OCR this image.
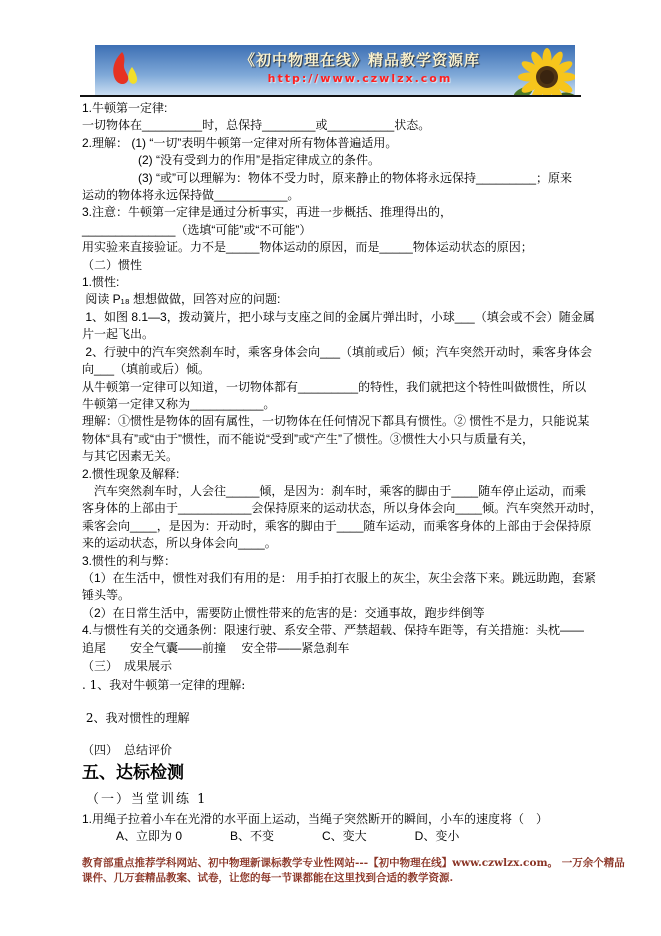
《初中物理在线》精品教学资源库
http://www.czwlzx.com

1.牛顿第一定律:

一切物体在_________时，总保持________或__________状态。

2.理解： (1) “一切”表明牛顿第一定律对所有物体普遍适用。

(2) “没有受到力的作用”是指定律成立的条件。

(3) “或”可以理解为：物体不受力时，原来静止的物体将永远保持_________；原来

运动的物体将永远保持做___________。

3.注意：牛顿第一定律是通过分析事实，再进一步概括、推理得出的，

______________（选填“可能”或“不可能”）

用实验来直接验证。力不是_____物体运动的原因，而是_____物体运动状态的原因；

（二）惯性

1.惯性:

阅读 P₁₈ 想想做做，回答对应的问题:

1、如图 8.1—3，拨动簧片，把小球与支座之间的金属片弹出时，小球___（填会或不会）随金属

片一起飞出。

2、行驶中的汽车突然刹车时，乘客身体会向___（填前或后）倾；汽车突然开动时，乘客身体会

向___（填前或后）倾。

从牛顿第一定律可以知道，一切物体都有_________的特性，我们就把这个特性叫做惯性，所以

牛顿第一定律又称为___________。

理解：①惯性是物体的固有属性，一切物体在任何情况下都具有惯性。② 惯性不是力，只能说某

物体“具有”或“由于”惯性，而不能说“受到”或“产生”了惯性。③惯性大小只与质量有关，

与其它因素无关。

2.惯性现象及解释:

　汽车突然刹车时，人会往_____倾，是因为：刹车时，乘客的脚由于____随车停止运动，而乘

客身体的上部由于___________会保持原来的运动状态，所以身体会向____倾。汽车突然开动时，

乘客会向____，是因为：开动时，乘客的脚由于____随车运动，而乘客身体的上部由于会保持原

来的运动状态，所以身体会向____。

3.惯性的利与弊：

（1）在生活中，惯性对我们有用的是： 用手拍打衣服上的灰尘，灰尘会落下来。跳远助跑，套紧

锤头等。

（2）在日常生活中，需要防止惯性带来的危害的是：交通事故，跑步绊倒等

4.与惯性有关的交通条例：限速行驶、系安全带、严禁超载、保持车距等，有关措施：头枕——

追尾　　安全气囊——前撞　 安全带——紧急刹车

（三）　成果展示

. 1、我对牛顿第一定律的理解:

2、我对惯性的理解

（四）　总结评价

五、达标检测

（一）当堂训练 1

1.用绳子拉着小车在光滑的水平面上运动，当绳子突然断开的瞬间，小车的速度将（　）

　　A、立即为 0　　　　B、不变　　　　C、变大　　　　D、变小

教育部重点推荐学科网站、初中物理新课标教学专业性网站---【初中物理在线】www.czwlzx.com。 一万余个精品

课件、几万套精品教案、试卷，让您的每一节课都能在这里找到合适的教学资源.
